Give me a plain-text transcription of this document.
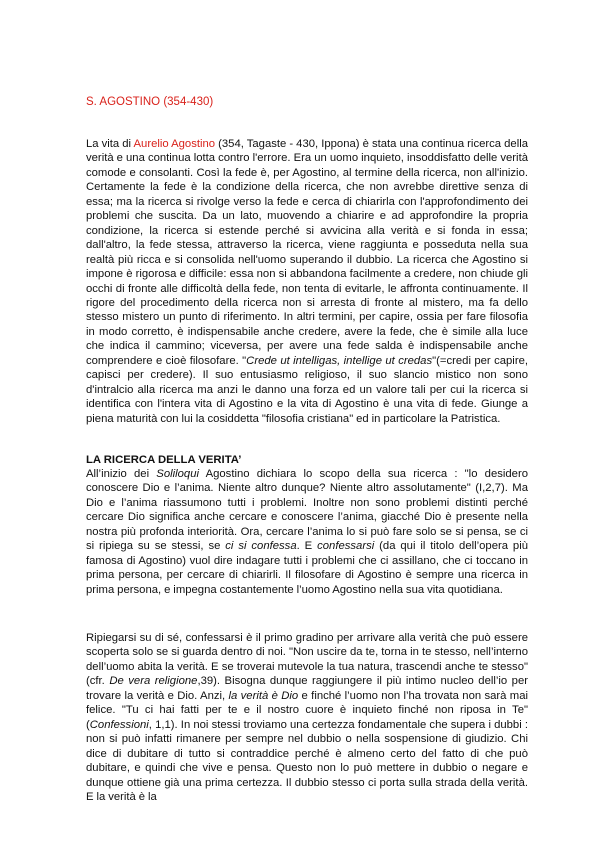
S. AGOSTINO (354-430)

La vita di Aurelio Agostino (354, Tagaste - 430, Ippona) è stata una continua ricerca della verità e una continua lotta contro l'errore. Era un uomo inquieto, insoddisfatto delle verità comode e consolanti. Così la fede è, per Agostino, al termine della ricerca, non all'inizio. Certamente la fede è la condizione della ricerca, che non avrebbe direttive senza di essa; ma la ricerca si rivolge verso la fede e cerca di chiarirla con l'approfondimento dei problemi che suscita. Da un lato, muovendo a chiarire e ad approfondire la propria condizione, la ricerca si estende perché si avvicina alla verità e si fonda in essa; dall'altro, la fede stessa, attraverso la ricerca, viene raggiunta e posseduta nella sua realtà più ricca e si consolida nell'uomo superando il dubbio. La ricerca che Agostino si impone è rigorosa e difficile: essa non si abbandona facilmente a credere, non chiude gli occhi di fronte alle difficoltà della fede, non tenta di evitarle, le affronta continuamente. Il rigore del procedimento della ricerca non si arresta di fronte al mistero, ma fa dello stesso mistero un punto di riferimento. In altri termini, per capire, ossia per fare filosofia in modo corretto, è indispensabile anche credere, avere la fede, che è simile alla luce che indica il cammino; viceversa, per avere una fede salda è indispensabile anche comprendere e cioè filosofare. "Crede ut intelligas, intellige ut credas"(=credi per capire, capisci per credere). Il suo entusiasmo religioso, il suo slancio mistico non sono d'intralcio alla ricerca ma anzi le danno una forza ed un valore tali per cui la ricerca si identifica con l'intera vita di Agostino e la vita di Agostino è una vita di fede. Giunge a piena maturità con lui la cosiddetta "filosofia cristiana" ed in particolare la Patristica.

LA RICERCA DELLA VERITA’

All’inizio dei Soliloqui Agostino dichiara lo scopo della sua ricerca : "lo desidero conoscere Dio e l’anima. Niente altro dunque? Niente altro assolutamente" (I,2,7). Ma Dio e l’anima riassumono tutti i problemi. Inoltre non sono problemi distinti perché cercare Dio significa anche cercare e conoscere l’anima, giacché Dio è presente nella nostra più profonda interiorità. Ora, cercare l’anima lo si può fare solo se si pensa, se ci si ripiega su se stessi, se ci si confessa. E confessarsi (da qui il titolo dell’opera più famosa di Agostino) vuol dire indagare tutti i problemi che ci assillano, che ci toccano in prima persona, per cercare di chiarirli. Il filosofare di Agostino è sempre una ricerca in prima persona, e impegna costantemente l’uomo Agostino nella sua vita quotidiana.

Ripiegarsi su di sé, confessarsi è il primo gradino per arrivare alla verità che può essere scoperta solo se si guarda dentro di noi. "Non uscire da te, torna in te stesso, nell’interno dell’uomo abita la verità. E se troverai mutevole la tua natura, trascendi anche te stesso"(cfr. De vera religione,39). Bisogna dunque raggiungere il più intimo nucleo dell’io per trovare la verità e Dio. Anzi, la verità è Dio e finché l’uomo non l’ha trovata non sarà mai felice. "Tu ci hai fatti per te e il nostro cuore è inquieto finché non riposa in Te"(Confessioni, 1,1). In noi stessi troviamo una certezza fondamentale che supera i dubbi : non si può infatti rimanere per sempre nel dubbio o nella sospensione di giudizio. Chi dice di dubitare di tutto si contraddice perché è almeno certo del fatto di che può dubitare, e quindi che vive e pensa. Questo non lo può mettere in dubbio o negare e dunque ottiene già una prima certezza. Il dubbio stesso ci porta sulla strada della verità. E la verità è la
